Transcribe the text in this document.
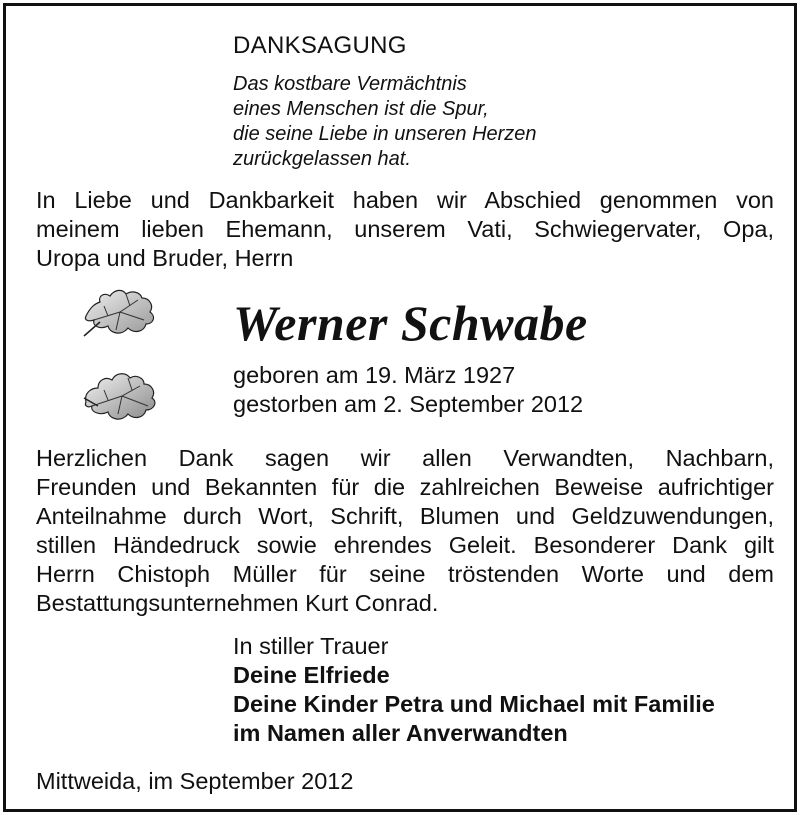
DANKSAGUNG
Das kostbare Vermächtnis
eines Menschen ist die Spur,
die seine Liebe in unseren Herzen
zurückgelassen hat.
In Liebe und Dankbarkeit haben wir Abschied genommen von
meinem lieben Ehemann, unserem Vati, Schwiegervater, Opa,
Uropa und Bruder, Herrn
Werner Schwabe
geboren am 19. März 1927
gestorben am 2. September 2012
Herzlichen Dank sagen wir allen Verwandten, Nachbarn,
Freunden und Bekannten für die zahlreichen Beweise aufrichtiger
Anteilnahme durch Wort, Schrift, Blumen und Geldzuwendungen,
stillen Händedruck sowie ehrendes Geleit. Besonderer Dank gilt
Herrn Chistoph Müller für seine tröstenden Worte und dem
Bestattungsunternehmen Kurt Conrad.
In stiller Trauer
Deine Elfriede
Deine Kinder Petra und Michael mit Familie
im Namen aller Anverwandten
Mittweida, im September 2012
